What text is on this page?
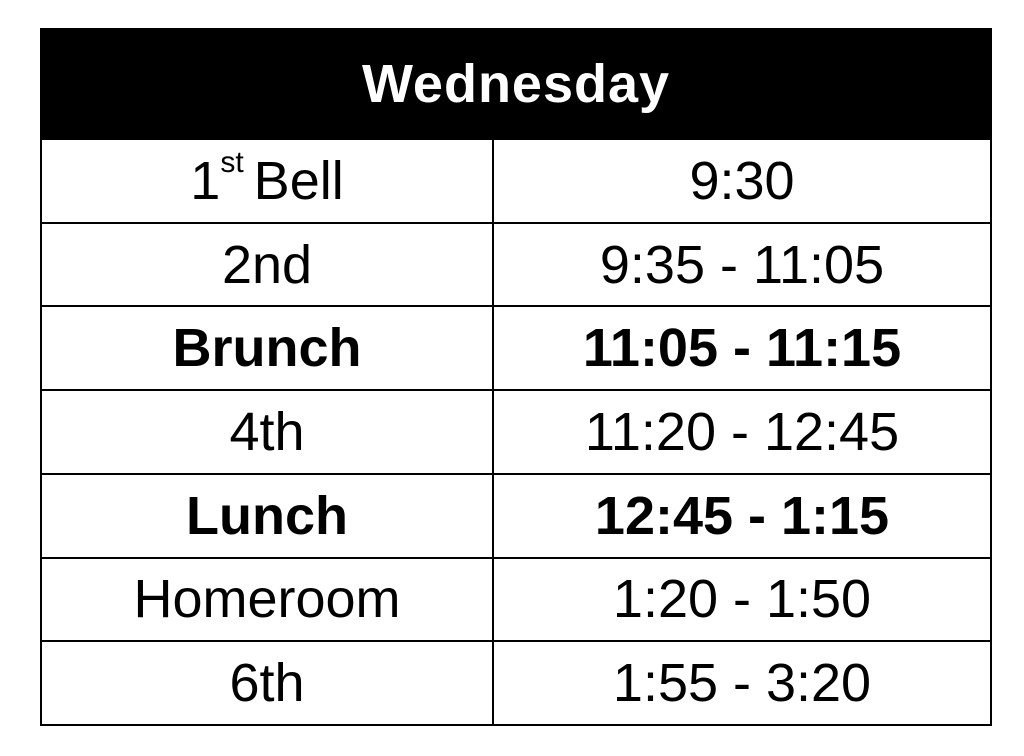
Wednesday
1 st Bell	9:30
2nd	9:35 - 11:05
Brunch	11:05 - 11:15
4th	11:20 - 12:45
Lunch	12:45 - 1:15
Homeroom	1:20 - 1:50
6th	1:55 - 3:20
